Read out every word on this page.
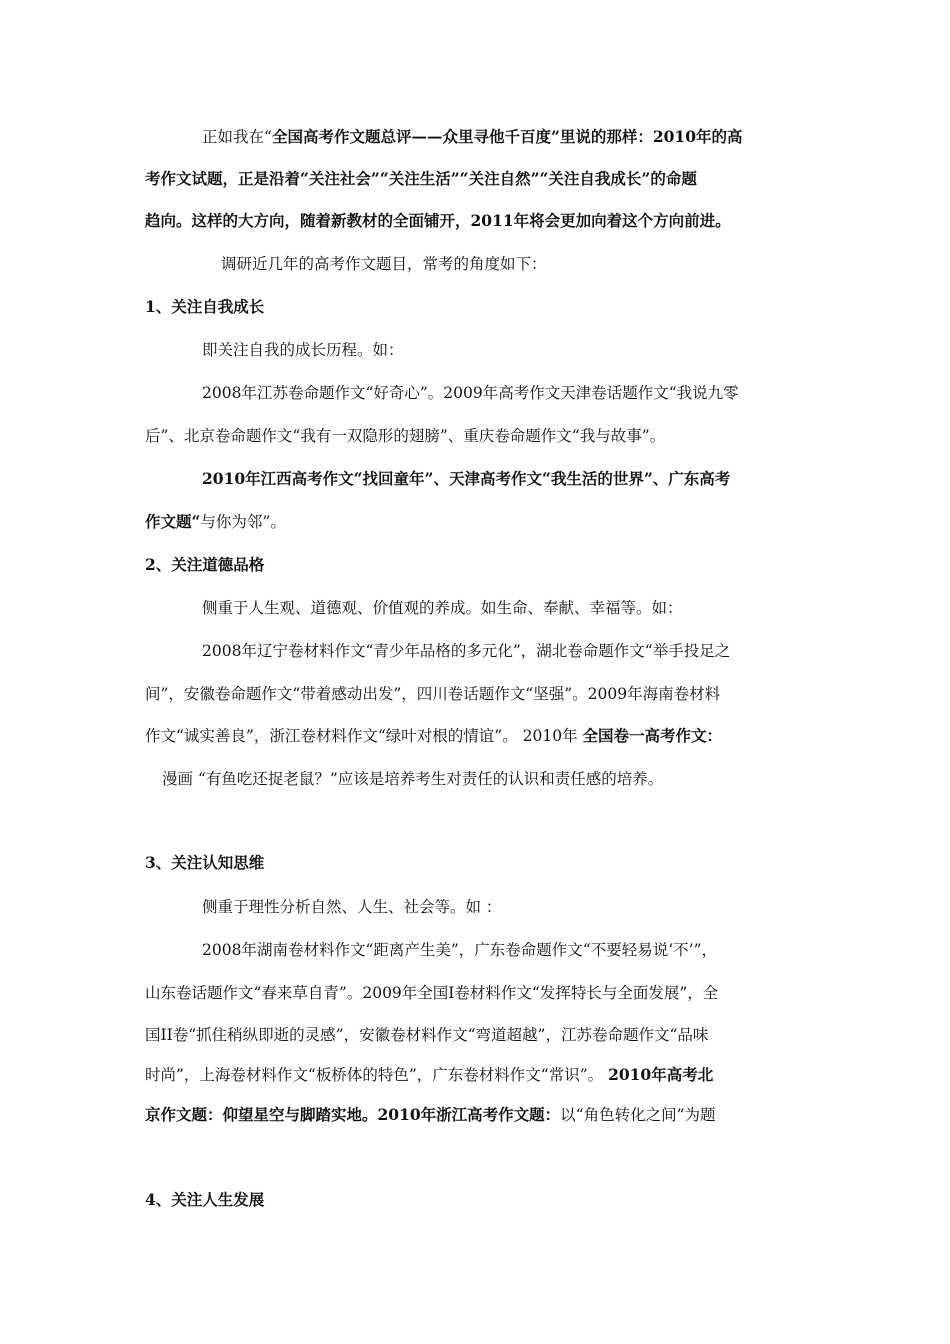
正如我在“全国高考作文题总评——众里寻他千百度”里说的那样：2010年的高
考作文试题，正是沿着“关注社会”“关注生活”“关注自然”“关注自我成长”的命题
趋向。这样的大方向，随着新教材的全面铺开，2011年将会更加向着这个方向前进。
调研近几年的高考作文题目，常考的角度如下：
1、关注自我成长
即关注自我的成长历程。如：
2008年江苏卷命题作文“好奇心”。2009年高考作文天津卷话题作文“我说九零
后”、北京卷命题作文“我有一双隐形的翅膀”、重庆卷命题作文“我与故事”。
2010年江西高考作文“找回童年”、天津高考作文“我生活的世界”、广东高考
作文题“与你为邻”。
2、关注道德品格
侧重于人生观、道德观、价值观的养成。如生命、奉献、幸福等。如：
2008年辽宁卷材料作文“青少年品格的多元化”，湖北卷命题作文“举手投足之
间”，安徽卷命题作文“带着感动出发”，四川卷话题作文“坚强”。2009年海南卷材料
作文“诚实善良”，浙江卷材料作文“绿叶对根的情谊”。 2010年 全国卷一高考作文：
漫画 “有鱼吃还捉老鼠？”应该是培养考生对责任的认识和责任感的培养。
3、关注认知思维
侧重于理性分析自然、人生、社会等。如 ：
2008年湖南卷材料作文“距离产生美”，广东卷命题作文“不要轻易说‘不’”，
山东卷话题作文“春来草自青”。2009年全国I卷材料作文“发挥特长与全面发展”，全
国II卷“抓住稍纵即逝的灵感”，安徽卷材料作文“弯道超越”，江苏卷命题作文“品味
时尚”，上海卷材料作文“板桥体的特色”，广东卷材料作文“常识”。 2010年高考北
京作文题：仰望星空与脚踏实地。2010年浙江高考作文题：以“角色转化之间”为题
4、关注人生发展
